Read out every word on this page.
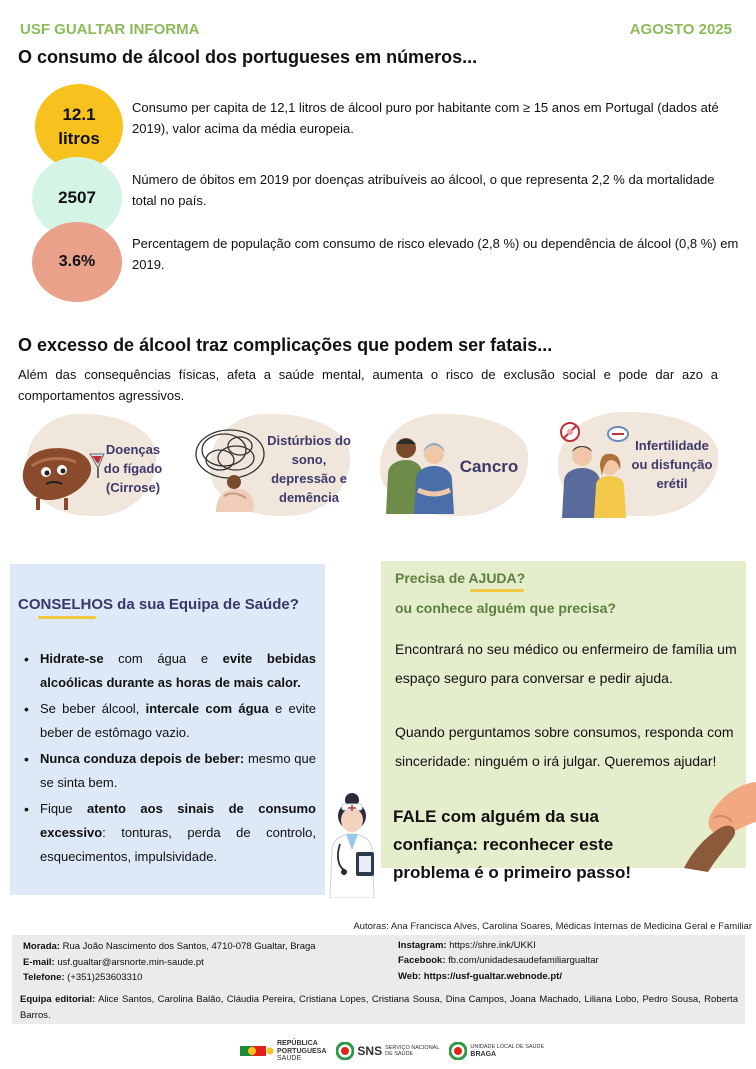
USF GUALTAR INFORMA	AGOSTO 2025
O consumo de álcool dos portugueses em números...
12.1 litros
2507
3.6%
Consumo per capita de 12,1 litros de álcool puro por habitante com ≥ 15 anos em Portugal (dados até 2019), valor acima da média europeia.
Número de óbitos em 2019 por doenças atribuíveis ao álcool, o que representa 2,2 % da mortalidade total no país.
Percentagem de população com consumo de risco elevado (2,8 %) ou dependência de álcool (0,8 %) em 2019.
O excesso de álcool traz complicações que podem ser fatais...
Além das consequências físicas, afeta a saúde mental, aumenta o risco de exclusão social e pode dar azo a comportamentos agressivos.
Doenças do fígado (Cirrose)
Distúrbios do sono, depressão e demência
Cancro
Infertilidade ou disfunção erétil
CONSELHOS da sua Equipa de Saúde?
• Hidrate-se com água e evite bebidas alcoólicas durante as horas de mais calor.
• Se beber álcool, intercale com água e evite beber de estômago vazio.
• Nunca conduza depois de beber: mesmo que se sinta bem.
• Fique atento aos sinais de consumo excessivo: tonturas, perda de controlo, esquecimentos, impulsividade.
Precisa de AJUDA?
ou conhece alguém que precisa?
Encontrará no seu médico ou enfermeiro de família um espaço seguro para conversar e pedir ajuda.
Quando perguntamos sobre consumos, responda com sinceridade: ninguém o irá julgar. Queremos ajudar!
FALE com alguém da sua confiança: reconhecer este problema é o primeiro passo!
Autoras: Ana Francisca Alves, Carolina Soares, Médicas Internas de Medicina Geral e Familiar
Morada: Rua João Nascimento dos Santos, 4710-078 Gualtar, Braga
E-mail: usf.gualtar@arsnorte.min-saude.pt
Telefone: (+351)253603310
Instagram: https://shre.ink/UKKI
Facebook: fb.com/unidadesaudefamiliargualtar
Web: https://usf-gualtar.webnode.pt/
Equipa editorial: Alice Santos, Carolina Balão, Cláudia Pereira, Cristiana Lopes, Cristiana Sousa, Dina Campos, Joana Machado, Liliana Lobo, Pedro Sousa, Roberta Barros.
REPÚBLICA
PORTUGUESA
SAÚDE
SNS SERVIÇO NACIONAL
DE SAÚDE
UNIDADE LOCAL DE SAÚDE
BRAGA
